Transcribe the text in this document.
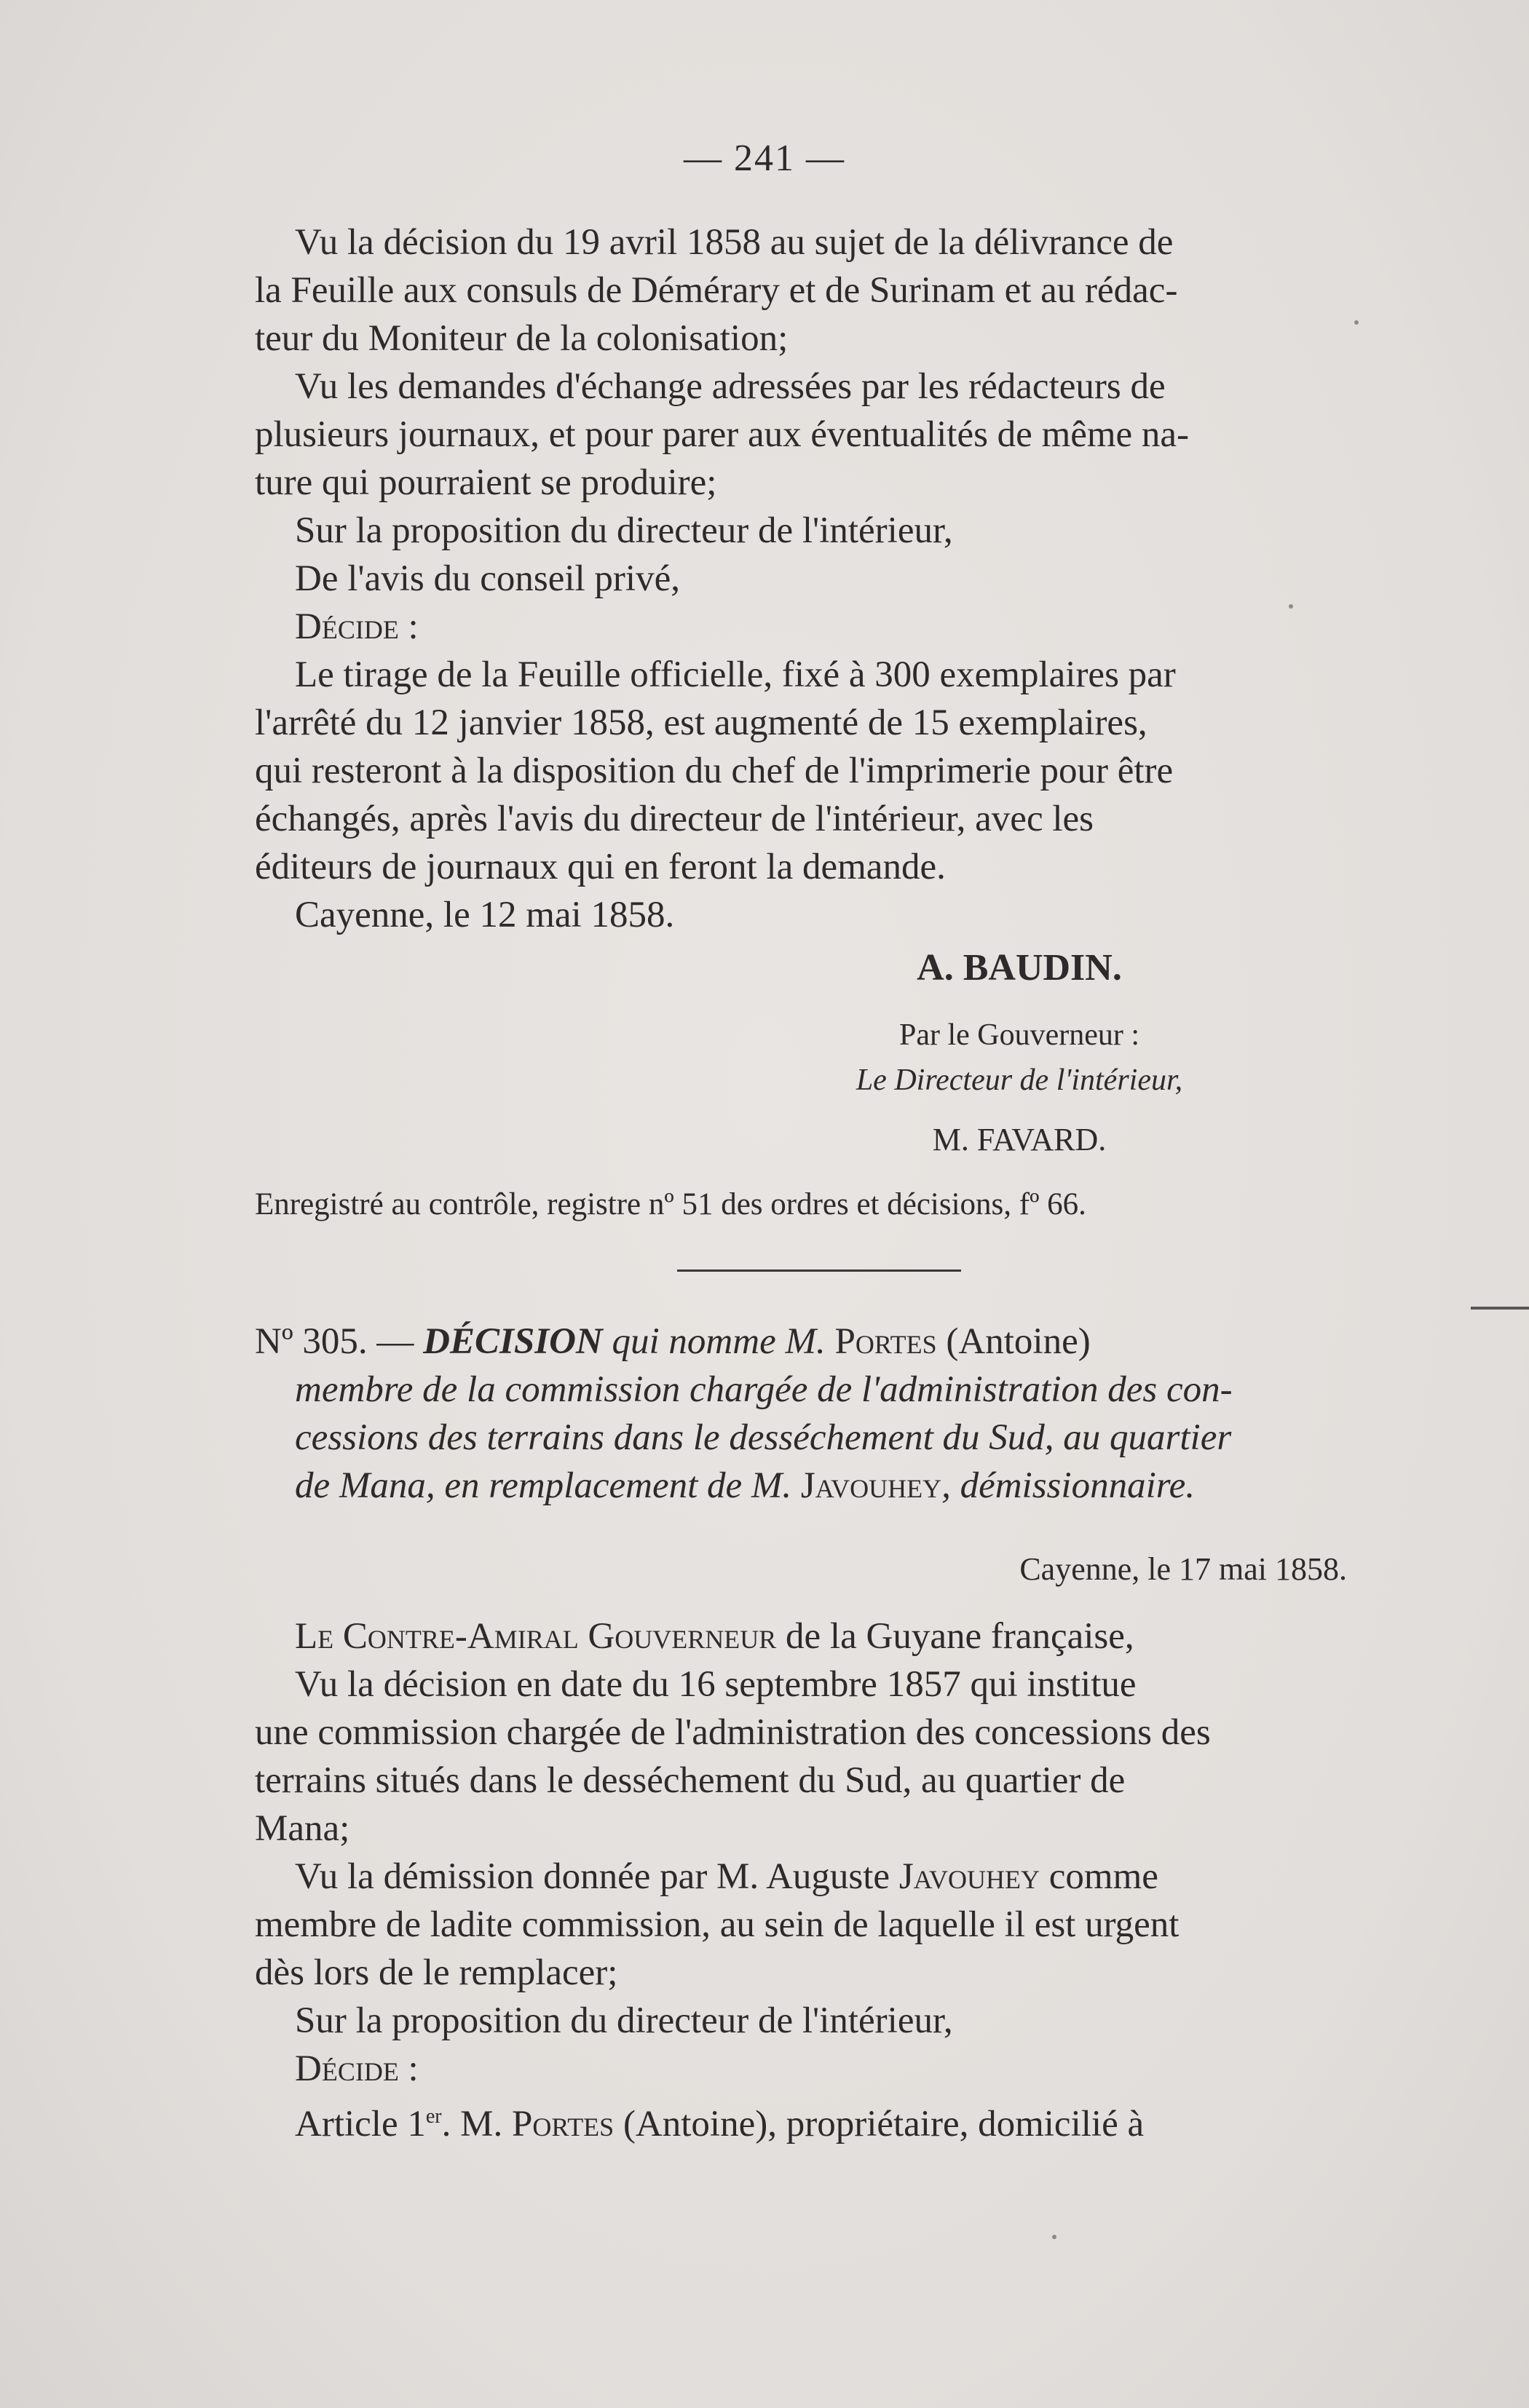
— 241 —

Vu la décision du 19 avril 1858 au sujet de la délivrance de
la Feuille aux consuls de Démérary et de Surinam et au rédac-
teur du Moniteur de la colonisation;

Vu les demandes d'échange adressées par les rédacteurs de
plusieurs journaux, et pour parer aux éventualités de même na-
ture qui pourraient se produire;

Sur la proposition du directeur de l'intérieur,

De l'avis du conseil privé,

Décide :

Le tirage de la Feuille officielle, fixé à 300 exemplaires par
l'arrêté du 12 janvier 1858, est augmenté de 15 exemplaires,
qui resteront à la disposition du chef de l'imprimerie pour être
échangés, après l'avis du directeur de l'intérieur, avec les
éditeurs de journaux qui en feront la demande.

Cayenne, le 12 mai 1858.

A. BAUDIN.
Par le Gouverneur :
Le Directeur de l'intérieur,
M. FAVARD.
Enregistré au contrôle, registre nº 51 des ordres et décisions, fº 66.
Nº 305. — DÉCISION qui nomme M. Portes (Antoine)
membre de la commission chargée de l'administration des con-
cessions des terrains dans le desséchement du Sud, au quartier
de Mana, en remplacement de M. Javouhey, démissionnaire.
Cayenne, le 17 mai 1858.

Le Contre-Amiral Gouverneur de la Guyane française,

Vu la décision en date du 16 septembre 1857 qui institue
une commission chargée de l'administration des concessions des
terrains situés dans le desséchement du Sud, au quartier de
Mana;

Vu la démission donnée par M. Auguste Javouhey comme
membre de ladite commission, au sein de laquelle il est urgent
dès lors de le remplacer;

Sur la proposition du directeur de l'intérieur,

Décide :

Article 1er. M. Portes (Antoine), propriétaire, domicilié à
